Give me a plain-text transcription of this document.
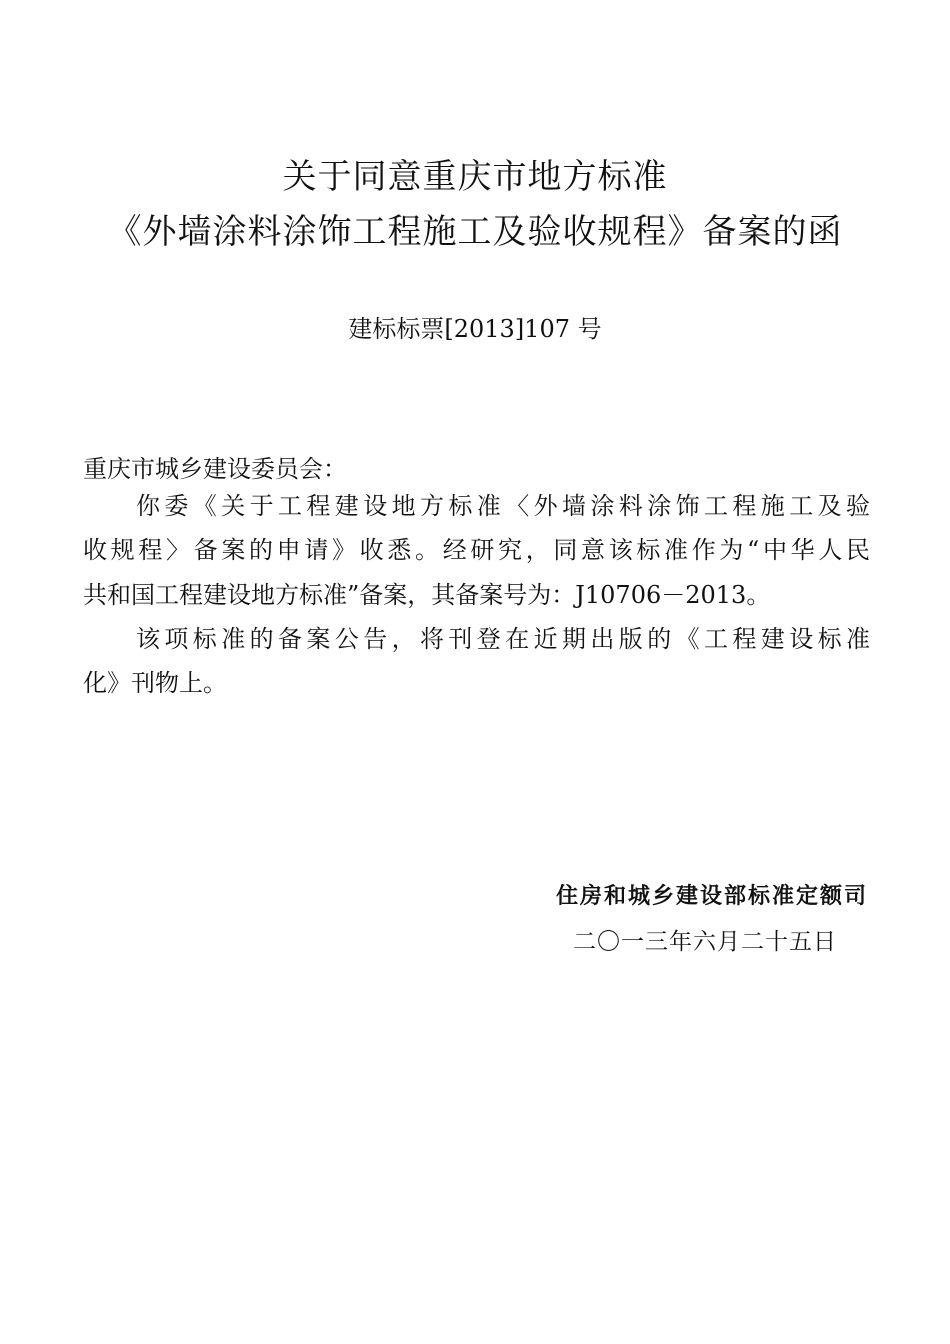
关于同意重庆市地方标准
《外墙涂料涂饰工程施工及验收规程》备案的函
建标标票[2013]107 号
重庆市城乡建设委员会：
你委《关于工程建设地方标准〈外墙涂料涂饰工程施工及验
收规程〉备案的申请》收悉。经研究，同意该标准作为“中华人民
共和国工程建设地方标准”备案，其备案号为：J10706－2013。
该项标准的备案公告，将刊登在近期出版的《工程建设标准
化》刊物上。
住房和城乡建设部标准定额司
二〇一三年六月二十五日
